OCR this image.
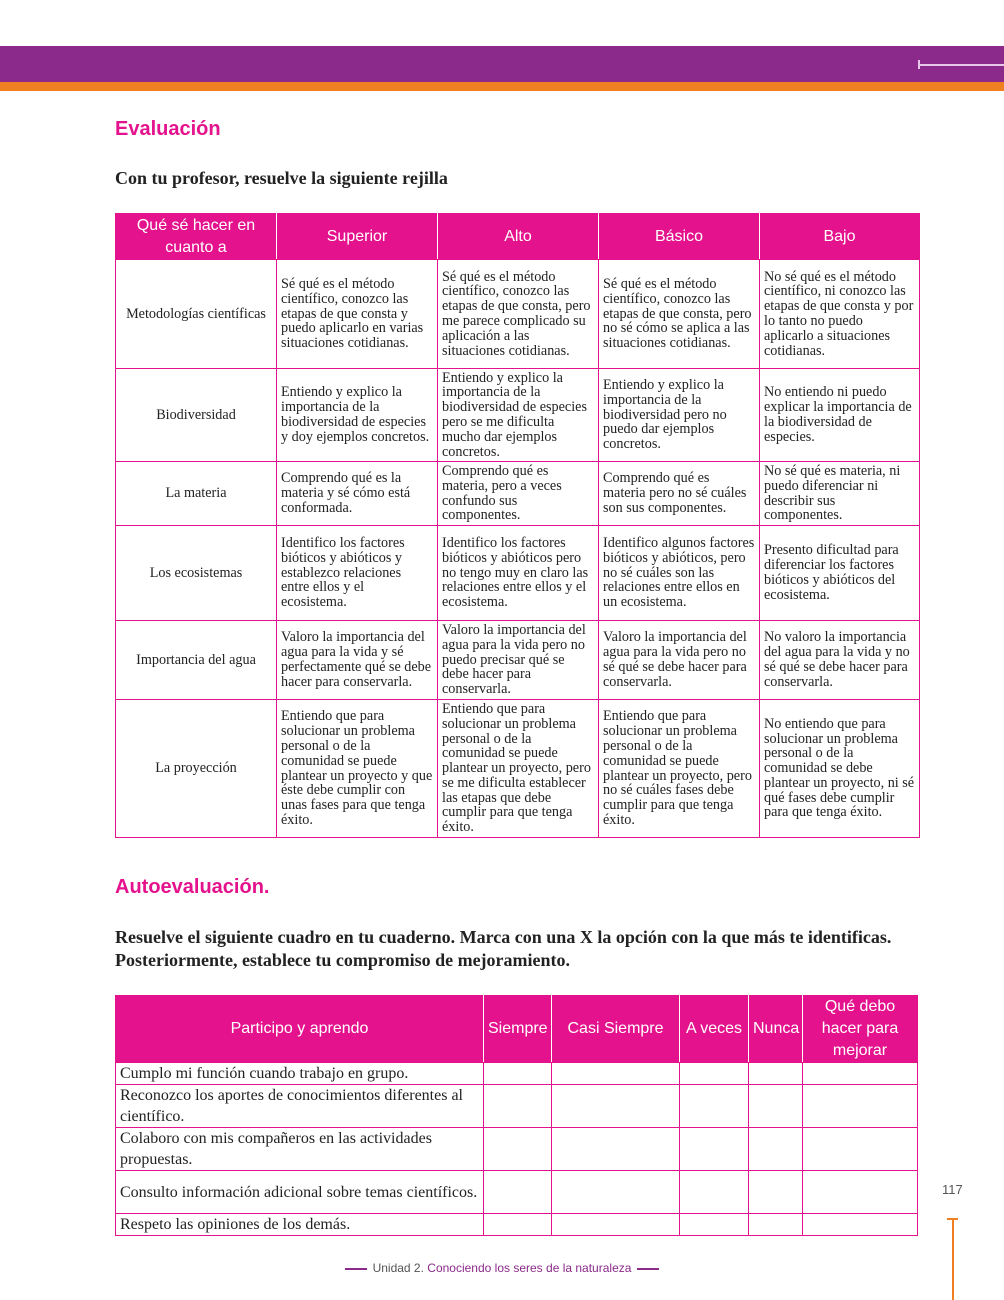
Evaluación

Con tu profesor, resuelve la siguiente rejilla

Qué sé hacer en cuanto a	Superior	Alto	Básico	Bajo
Metodologías científicas	Sé qué es el método científico, conozco las etapas de que consta y puedo aplicarlo en varias situaciones cotidianas.	Sé qué es el método científico, conozco las etapas de que consta, pero me parece complicado su aplicación a las situaciones cotidianas.	Sé qué es el método científico, conozco las etapas de que consta, pero no sé cómo se aplica a las situaciones cotidianas.	No sé qué es el método científico, ni conozco las etapas de que consta y por lo tanto no puedo aplicarlo a situaciones cotidianas.
Biodiversidad	Entiendo y explico la importancia de la biodiversidad de especies y doy ejemplos concretos.	Entiendo y explico la importancia de la biodiversidad de especies pero se me dificulta mucho dar ejemplos concretos.	Entiendo y explico la importancia de la biodiversidad pero no puedo dar ejemplos concretos.	No entiendo ni puedo explicar la importancia de la biodiversidad de especies.
La materia	Comprendo qué es la materia y sé cómo está conformada.	Comprendo qué es materia, pero a veces confundo sus componentes.	Comprendo qué es materia pero no sé cuáles son sus componentes.	No sé qué es materia, ni puedo diferenciar ni describir sus componentes.
Los ecosistemas	Identifico los factores bióticos y abióticos y establezco relaciones entre ellos y el ecosistema.	Identifico los factores bióticos y abióticos pero no tengo muy en claro las relaciones entre ellos y el ecosistema.	Identifico algunos factores bióticos y abióticos, pero no sé cuáles son las relaciones entre ellos en un ecosistema.	Presento dificultad para diferenciar los factores bióticos y abióticos del ecosistema.
Importancia del agua	Valoro la importancia del agua para la vida y sé perfectamente qué se debe hacer para conservarla.	Valoro la importancia del agua para la vida pero no puedo precisar qué se debe hacer para conservarla.	Valoro la importancia del agua para la vida pero no sé qué se debe hacer para conservarla.	No valoro la importancia del agua para la vida y no sé qué se debe hacer para conservarla.
La proyección	Entiendo que para solucionar un problema personal o de la comunidad se puede plantear un proyecto y que éste debe cumplir con unas fases para que tenga éxito.	Entiendo que para solucionar un problema personal o de la comunidad se puede plantear un proyecto, pero se me dificulta establecer las etapas que debe cumplir para que tenga éxito.	Entiendo que para solucionar un problema personal o de la comunidad se puede plantear un proyecto, pero no sé cuáles fases debe cumplir para que tenga éxito.	No entiendo que para solucionar un problema personal o de la comunidad se debe plantear un proyecto, ni sé qué fases debe cumplir para que tenga éxito.
Autoevaluación.

Resuelve el siguiente cuadro en tu cuaderno. Marca con una X la opción con la que más te identificas. Posteriormente, establece tu compromiso de mejoramiento.

Participo y aprendo	Siempre	Casi Siempre	A veces	Nunca	Qué debo hacer para mejorar
Cumplo mi función cuando trabajo en grupo.					
Reconozco los aportes de conocimientos diferentes al científico.					
Colaboro con mis compañeros en las actividades propuestas.					
Consulto información adicional sobre temas científicos.					
Respeto las opiniones de los demás.					

117

Unidad 2. Conociendo los seres de la naturaleza
